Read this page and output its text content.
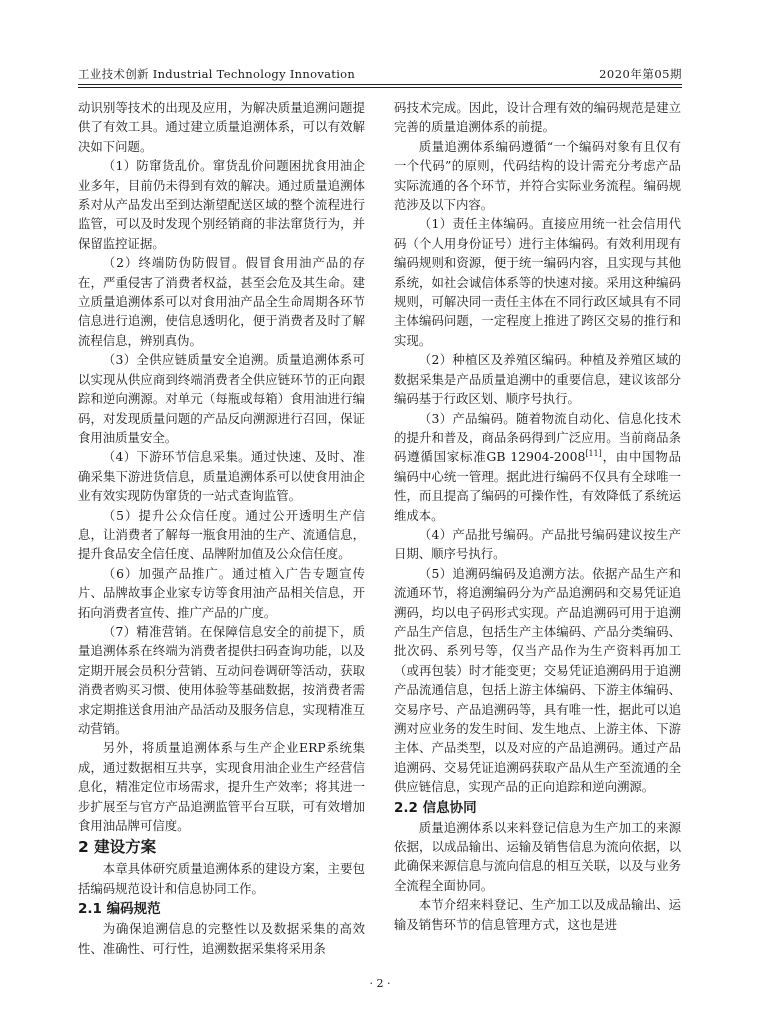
工业技术创新 Industrial Technology Innovation	2020年第05期

动识别等技术的出现及应用，为解决质量追溯问题提供了有效工具。通过建立质量追溯体系，可以有效解决如下问题。

（1）防窜货乱价。窜货乱价问题困扰食用油企业多年，目前仍未得到有效的解决。通过质量追溯体系对从产品发出至到达渐望配送区域的整个流程进行监管，可以及时发现个别经销商的非法窜货行为，并保留监控证据。

（2）终端防伪防假冒。假冒食用油产品的存在，严重侵害了消费者权益，甚至会危及其生命。建立质量追溯体系可以对食用油产品全生命周期各环节信息进行追溯，使信息透明化，便于消费者及时了解流程信息，辨别真伪。

（3）全供应链质量安全追溯。质量追溯体系可以实现从供应商到终端消费者全供应链环节的正向跟踪和逆向溯源。对单元（每瓶或每箱）食用油进行编码，对发现质量问题的产品反向溯源进行召回，保证食用油质量安全。

（4）下游环节信息采集。通过快速、及时、准确采集下游进货信息，质量追溯体系可以使食用油企业有效实现防伪窜货的一站式查询监管。

（5）提升公众信任度。通过公开透明生产信息，让消费者了解每一瓶食用油的生产、流通信息，提升食品安全信任度、品牌附加值及公众信任度。

（6）加强产品推广。通过植入广告专题宣传片、品牌故事企业家专访等食用油产品相关信息，开拓向消费者宣传、推广产品的广度。

（7）精准营销。在保障信息安全的前提下，质量追溯体系在终端为消费者提供扫码查询功能，以及定期开展会员积分营销、互动问卷调研等活动，获取消费者购买习惯、使用体验等基础数据，按消费者需求定期推送食用油产品活动及服务信息，实现精准互动营销。

另外，将质量追溯体系与生产企业ERP系统集成，通过数据相互共享，实现食用油企业生产经营信息化，精准定位市场需求，提升生产效率；将其进一步扩展至与官方产品追溯监管平台互联，可有效增加食用油品牌可信度。

2 建设方案

本章具体研究质量追溯体系的建设方案，主要包括编码规范设计和信息协同工作。

2.1 编码规范

为确保追溯信息的完整性以及数据采集的高效性、准确性、可行性，追溯数据采集将采用条

码技术完成。因此，设计合理有效的编码规范是建立完善的质量追溯体系的前提。

质量追溯体系编码遵循“一个编码对象有且仅有一个代码”的原则，代码结构的设计需充分考虑产品实际流通的各个环节，并符合实际业务流程。编码规范涉及以下内容。

（1）责任主体编码。直接应用统一社会信用代码（个人用身份证号）进行主体编码。有效利用现有编码规则和资源，便于统一编码内容，且实现与其他系统，如社会诚信体系等的快速对接。采用这种编码规则，可解决同一责任主体在不同行政区域具有不同主体编码问题，一定程度上推进了跨区交易的推行和实现。

（2）种植区及养殖区编码。种植及养殖区域的数据采集是产品质量追溯中的重要信息，建议该部分编码基于行政区划、顺序号执行。

（3）产品编码。随着物流自动化、信息化技术的提升和普及，商品条码得到广泛应用。当前商品条码遵循国家标准GB 12904-2008[11]，由中国物品编码中心统一管理。据此进行编码不仅具有全球唯一性，而且提高了编码的可操作性，有效降低了系统运维成本。

（4）产品批号编码。产品批号编码建议按生产日期、顺序号执行。

（5）追溯码编码及追溯方法。依据产品生产和流通环节，将追溯编码分为产品追溯码和交易凭证追溯码，均以电子码形式实现。产品追溯码可用于追溯产品生产信息，包括生产主体编码、产品分类编码、批次码、系列号等，仅当产品作为生产资料再加工（或再包装）时才能变更；交易凭证追溯码用于追溯产品流通信息，包括上游主体编码、下游主体编码、交易序号、产品追溯码等，具有唯一性，据此可以追溯对应业务的发生时间、发生地点、上游主体、下游主体、产品类型，以及对应的产品追溯码。通过产品追溯码、交易凭证追溯码获取产品从生产至流通的全供应链信息，实现产品的正向追踪和逆向溯源。

2.2 信息协同

质量追溯体系以来料登记信息为生产加工的来源依据，以成品输出、运输及销售信息为流向依据，以此确保来源信息与流向信息的相互关联，以及与业务全流程全面协同。

本节介绍来料登记、生产加工以及成品输出、运输及销售环节的信息管理方式，这也是进

· 2 ·
